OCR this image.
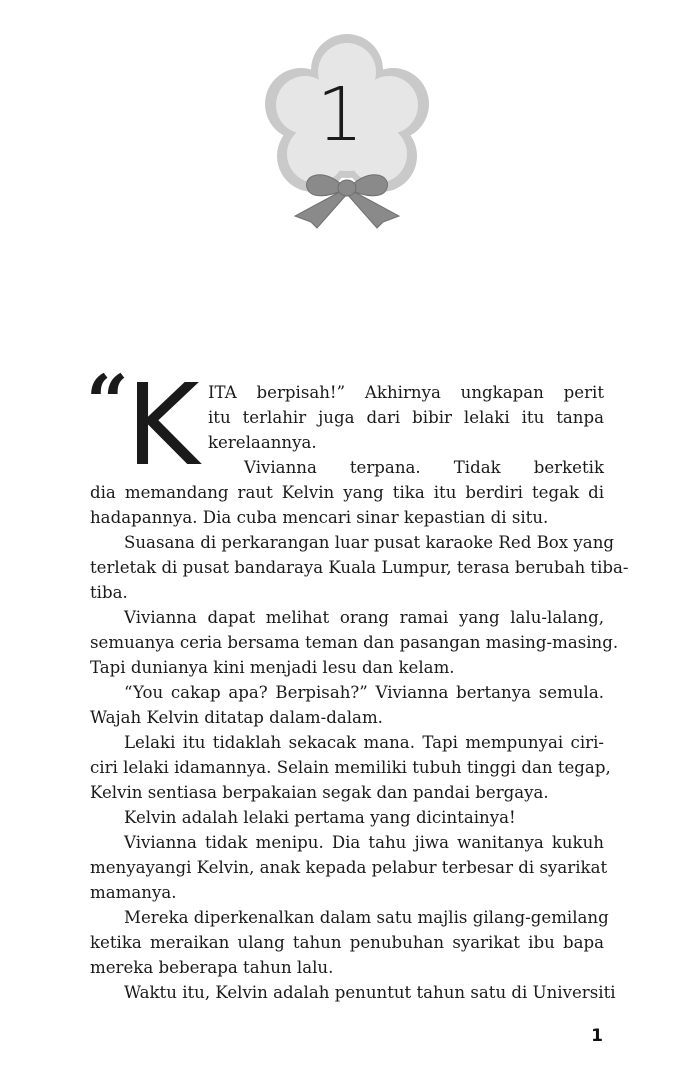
1
“
K ITA berpisah!” Akhirnya ungkapan perit
itu terlahir juga dari bibir lelaki itu tanpa
kerelaannya.
Vivianna terpana. Tidak berketik
dia memandang raut Kelvin yang tika itu berdiri tegak di
hadapannya. Dia cuba mencari sinar kepastian di situ.
Suasana di perkarangan luar pusat karaoke Red Box yang
terletak di pusat bandaraya Kuala Lumpur, terasa berubah tiba-
tiba.
Vivianna dapat melihat orang ramai yang lalu-lalang,
semuanya ceria bersama teman dan pasangan masing-masing.
Tapi dunianya kini menjadi lesu dan kelam.
“You cakap apa? Berpisah?” Vivianna bertanya semula.
Wajah Kelvin ditatap dalam-dalam.
Lelaki itu tidaklah sekacak mana. Tapi mempunyai ciri-
ciri lelaki idamannya. Selain memiliki tubuh tinggi dan tegap,
Kelvin sentiasa berpakaian segak dan pandai bergaya.
Kelvin adalah lelaki pertama yang dicintainya!
Vivianna tidak menipu. Dia tahu jiwa wanitanya kukuh
menyayangi Kelvin, anak kepada pelabur terbesar di syarikat
mamanya.
Mereka diperkenalkan dalam satu majlis gilang-gemilang
ketika meraikan ulang tahun penubuhan syarikat ibu bapa
mereka beberapa tahun lalu.
Waktu itu, Kelvin adalah penuntut tahun satu di Universiti
1
